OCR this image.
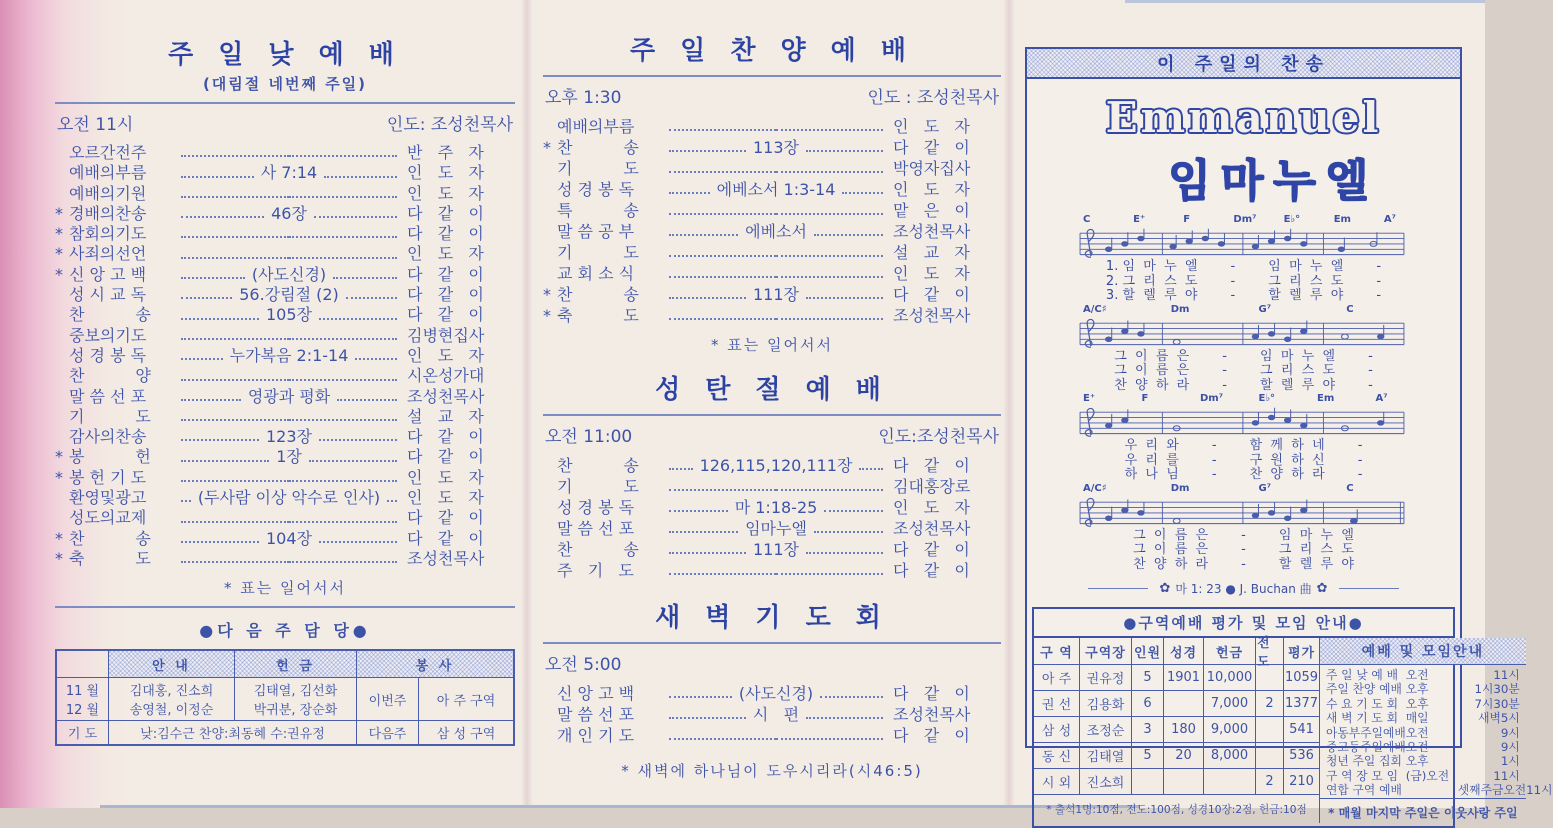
주 일 낮 예 배
(대림절 네번째 주일)
오전 11시	인도: 조성천목사
오르간전주	반   주   자
예배의부름	사 7:14	인   도   자
예배의기원	인   도   자
* 경배의찬송	46장	다   같   이
* 참회의기도	다   같   이
* 사죄의선언	인   도   자
* 신 앙 고 백	(사도신경)	다   같   이
성 시 교 독	56.강림절 (2)	다   같   이
찬          송	105장	다   같   이
중보의기도	김병현집사
성 경 봉 독	누가복음 2:1-14	인   도   자
찬          양	시온성가대
말 씀 선 포	영광과 평화	조성천목사
기          도	설   교   자
감사의찬송	123장	다   같   이
* 봉          헌	1장	다   같   이
* 봉 헌 기 도	인   도   자
환영및광고	(두사람 이상 악수로 인사)	인   도   자
성도의교제	다   같   이
* 찬          송	104장	다   같   이
* 축          도	조성천목사
* 표는 일어서서
●다 음 주 담 당●
안 내	헌 금	봉 사
11 월
12 월
김대홍, 진소희
송영철, 이정순
김태열, 김선화
박귀분, 장순화
이번주	아 주 구역
기 도	낮:김수근 찬양:최동혜 수:권유정	다음주	삼 성 구역
주 일 찬 양 예 배
오후 1:30	인도 : 조성천목사
예배의부름	인   도   자
* 찬          송	113장	다   같   이
기          도	박영자집사
성 경 봉 독	에베소서 1:3-14	인   도   자
특          송	맡   은   이
말 씀 공 부	에베소서	조성천목사
기          도	설   교   자
교 회 소 식	인   도   자
* 찬          송	111장	다   같   이
* 축          도	조성천목사
* 표는 일어서서
성 탄 절 예 배
오전 11:00	인도:조성천목사
찬          송	126,115,120,111장	다   같   이
기          도	김대홍장로
성 경 봉 독	마 1:18-25	인   도   자
말 씀 선 포	임마누엘	조성천목사
찬          송	111장	다   같   이
주   기   도	다   같   이
새 벽 기 도 회
오전 5:00
신 앙 고 백	(사도신경)	다   같   이
말 씀 선 포	시   편	조성천목사
개 인 기 도	다   같   이
* 새벽에 하나님이 도우시리라(시46:5)
이 주일의 찬송
Emmanuel
임마누엘
C	E⁺	F	Dm⁷	E♭°	Em	A⁷
1. 임  마  누  엘        -        임  마  누  엘        -
2. 그  리  스  도        -        그  리  스  도        -
3. 할  렐  루  야        -        할  렐  루  야        -
A/C♯	Dm	G⁷	C
그  이  름  은        -        임  마  누  엘        -
그  이  름  은        -        그  리  스  도        -
찬  양  하  라        -        할  렐  루  야        -
E⁺	F	Dm⁷	E♭°	Em	A⁷
우  리  와        -        함  께  하  네        -
우  리  를        -        구  원  하  신        -
하  나  님        -        찬  양  하  라        -
A/C♯	Dm	G⁷	C
그  이  름  은        -        임  마  누  엘
그  이  름  은        -        그  리  스  도
찬  양  하  라        -        할  렐  루  야
✿ 마 1: 23 ● J. Buchan 曲 ✿
●구역예배 평가 및 모임 안내●
구 역 구역장 인원 성경	헌금
전도
평가
아 주	권유정	5	1901 10,000	1059
권 선	김용화	6	7,000	2 1377
삼 성	조정순	3	180	9,000	541
동 신	김태열	5	20	8,000	536
시 외	진소희	2	210
* 출석1명:10점, 전도:100점, 성경10장:2점, 헌금:10점
예배 및 모임안내
주 일 낮 예 배 오전	11시
주일 찬양 예배 오후	1시30분
수 요 기 도 회 오후	7시30분
새 벽 기 도 회 매일	새벽5시
아동부주일예배 오전	9시
중고등주일예배 오전	9시
청년 주일 집회 오후	1시
구 역 장 모 임 (금)오전	11시
연합 구역 예배	셋째주금오전11시
* 매월 마지막 주일은 이웃사랑 주일
